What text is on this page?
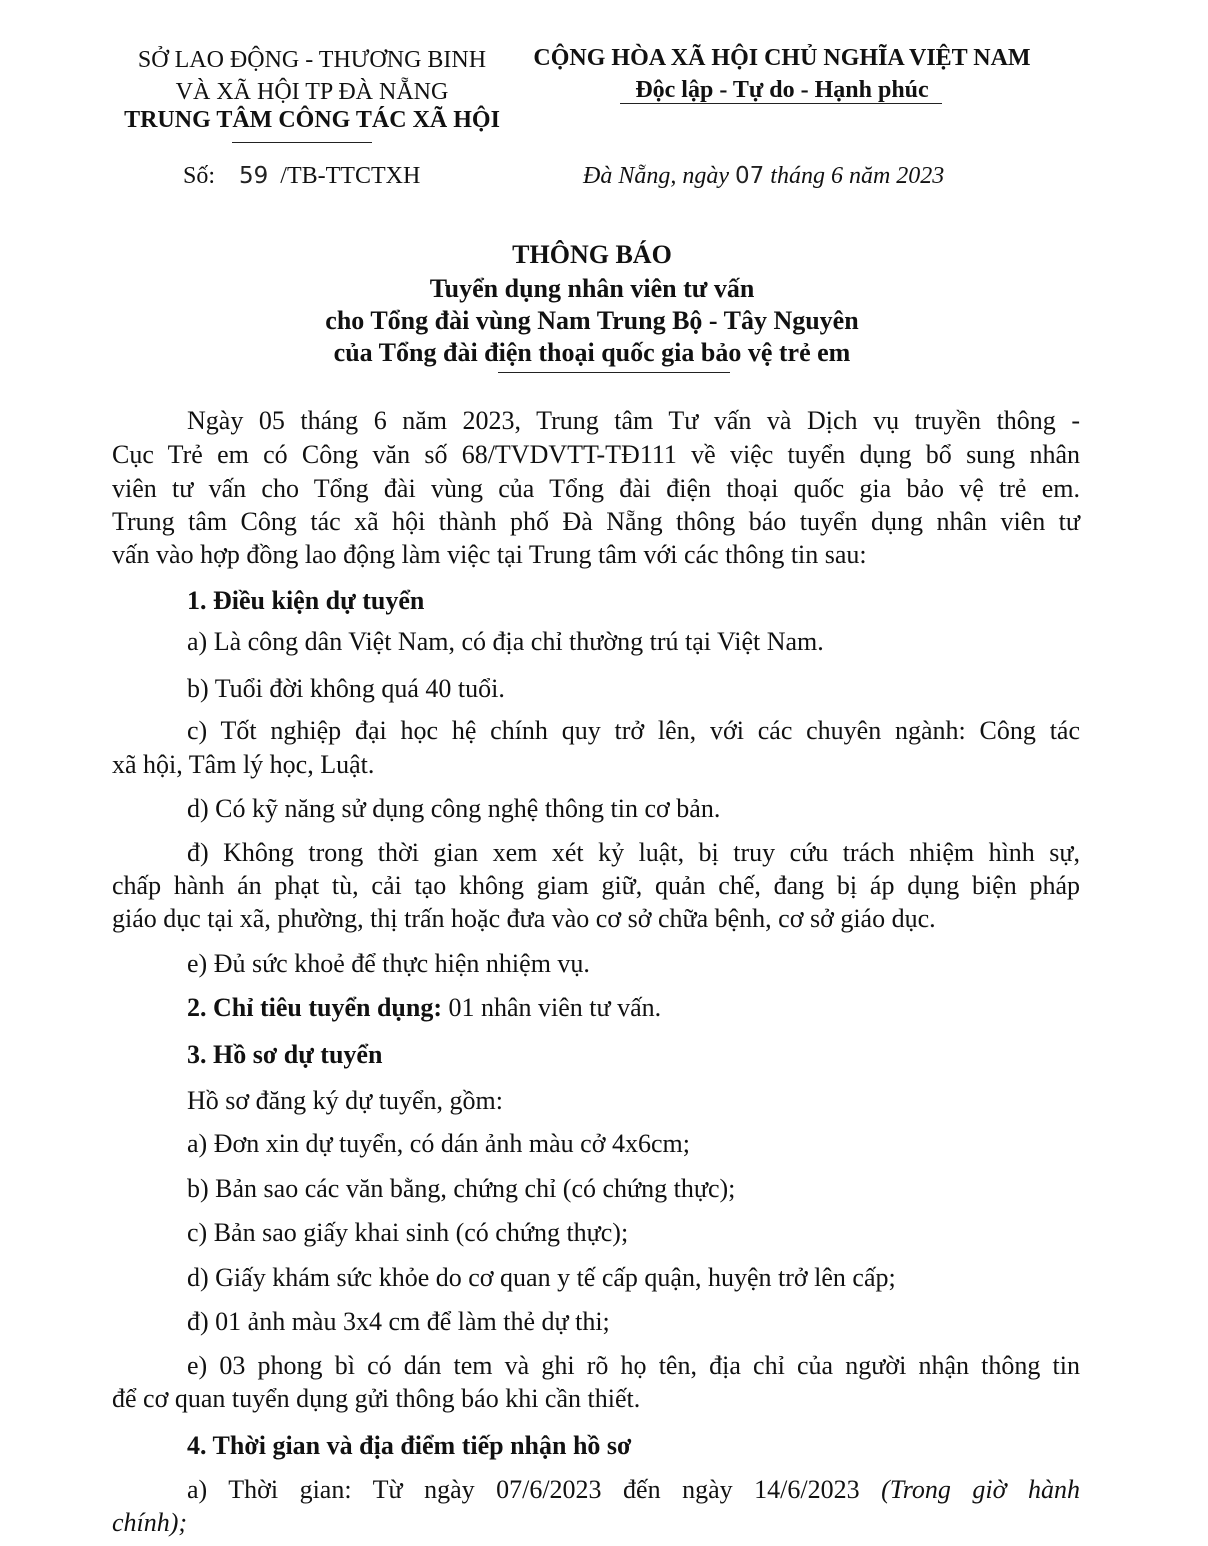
SỞ LAO ĐỘNG - THƯƠNG BINH
VÀ XÃ HỘI TP ĐÀ NẴNG
TRUNG TÂM CÔNG TÁC XÃ HỘI
CỘNG HÒA XÃ HỘI CHỦ NGHĨA VIỆT NAM
Độc lập - Tự do - Hạnh phúc
Số: 59 /TB-TTCTXH	Đà Nẵng, ngày 07 tháng 6 năm 2023
THÔNG BÁO
Tuyển dụng nhân viên tư vấn
cho Tổng đài vùng Nam Trung Bộ - Tây Nguyên
của Tổng đài điện thoại quốc gia bảo vệ trẻ em
Ngày 05 tháng 6 năm 2023, Trung tâm Tư vấn và Dịch vụ truyền thông -
Cục Trẻ em có Công văn số 68/TVDVTT-TĐ111 về việc tuyển dụng bổ sung nhân
viên tư vấn cho Tổng đài vùng của Tổng đài điện thoại quốc gia bảo vệ trẻ em.
Trung tâm Công tác xã hội thành phố Đà Nẵng thông báo tuyển dụng nhân viên tư
vấn vào hợp đồng lao động làm việc tại Trung tâm với các thông tin sau:
1. Điều kiện dự tuyển
a) Là công dân Việt Nam, có địa chỉ thường trú tại Việt Nam.
b) Tuổi đời không quá 40 tuổi.
c) Tốt nghiệp đại học hệ chính quy trở lên, với các chuyên ngành: Công tác
xã hội, Tâm lý học, Luật.
d) Có kỹ năng sử dụng công nghệ thông tin cơ bản.
đ) Không trong thời gian xem xét kỷ luật, bị truy cứu trách nhiệm hình sự,
chấp hành án phạt tù, cải tạo không giam giữ, quản chế, đang bị áp dụng biện pháp
giáo dục tại xã, phường, thị trấn hoặc đưa vào cơ sở chữa bệnh, cơ sở giáo dục.
e) Đủ sức khoẻ để thực hiện nhiệm vụ.
2. Chỉ tiêu tuyển dụng: 01 nhân viên tư vấn.
3. Hồ sơ dự tuyển
Hồ sơ đăng ký dự tuyển, gồm:
a) Đơn xin dự tuyển, có dán ảnh màu cở 4x6cm;
b) Bản sao các văn bằng, chứng chỉ (có chứng thực);
c) Bản sao giấy khai sinh (có chứng thực);
d) Giấy khám sức khỏe do cơ quan y tế cấp quận, huyện trở lên cấp;
đ) 01 ảnh màu 3x4 cm để làm thẻ dự thi;
e) 03 phong bì có dán tem và ghi rõ họ tên, địa chỉ của người nhận thông tin
để cơ quan tuyển dụng gửi thông báo khi cần thiết.
4. Thời gian và địa điểm tiếp nhận hồ sơ
a) Thời gian: Từ ngày 07/6/2023 đến ngày 14/6/2023 (Trong giờ hành
chính);
